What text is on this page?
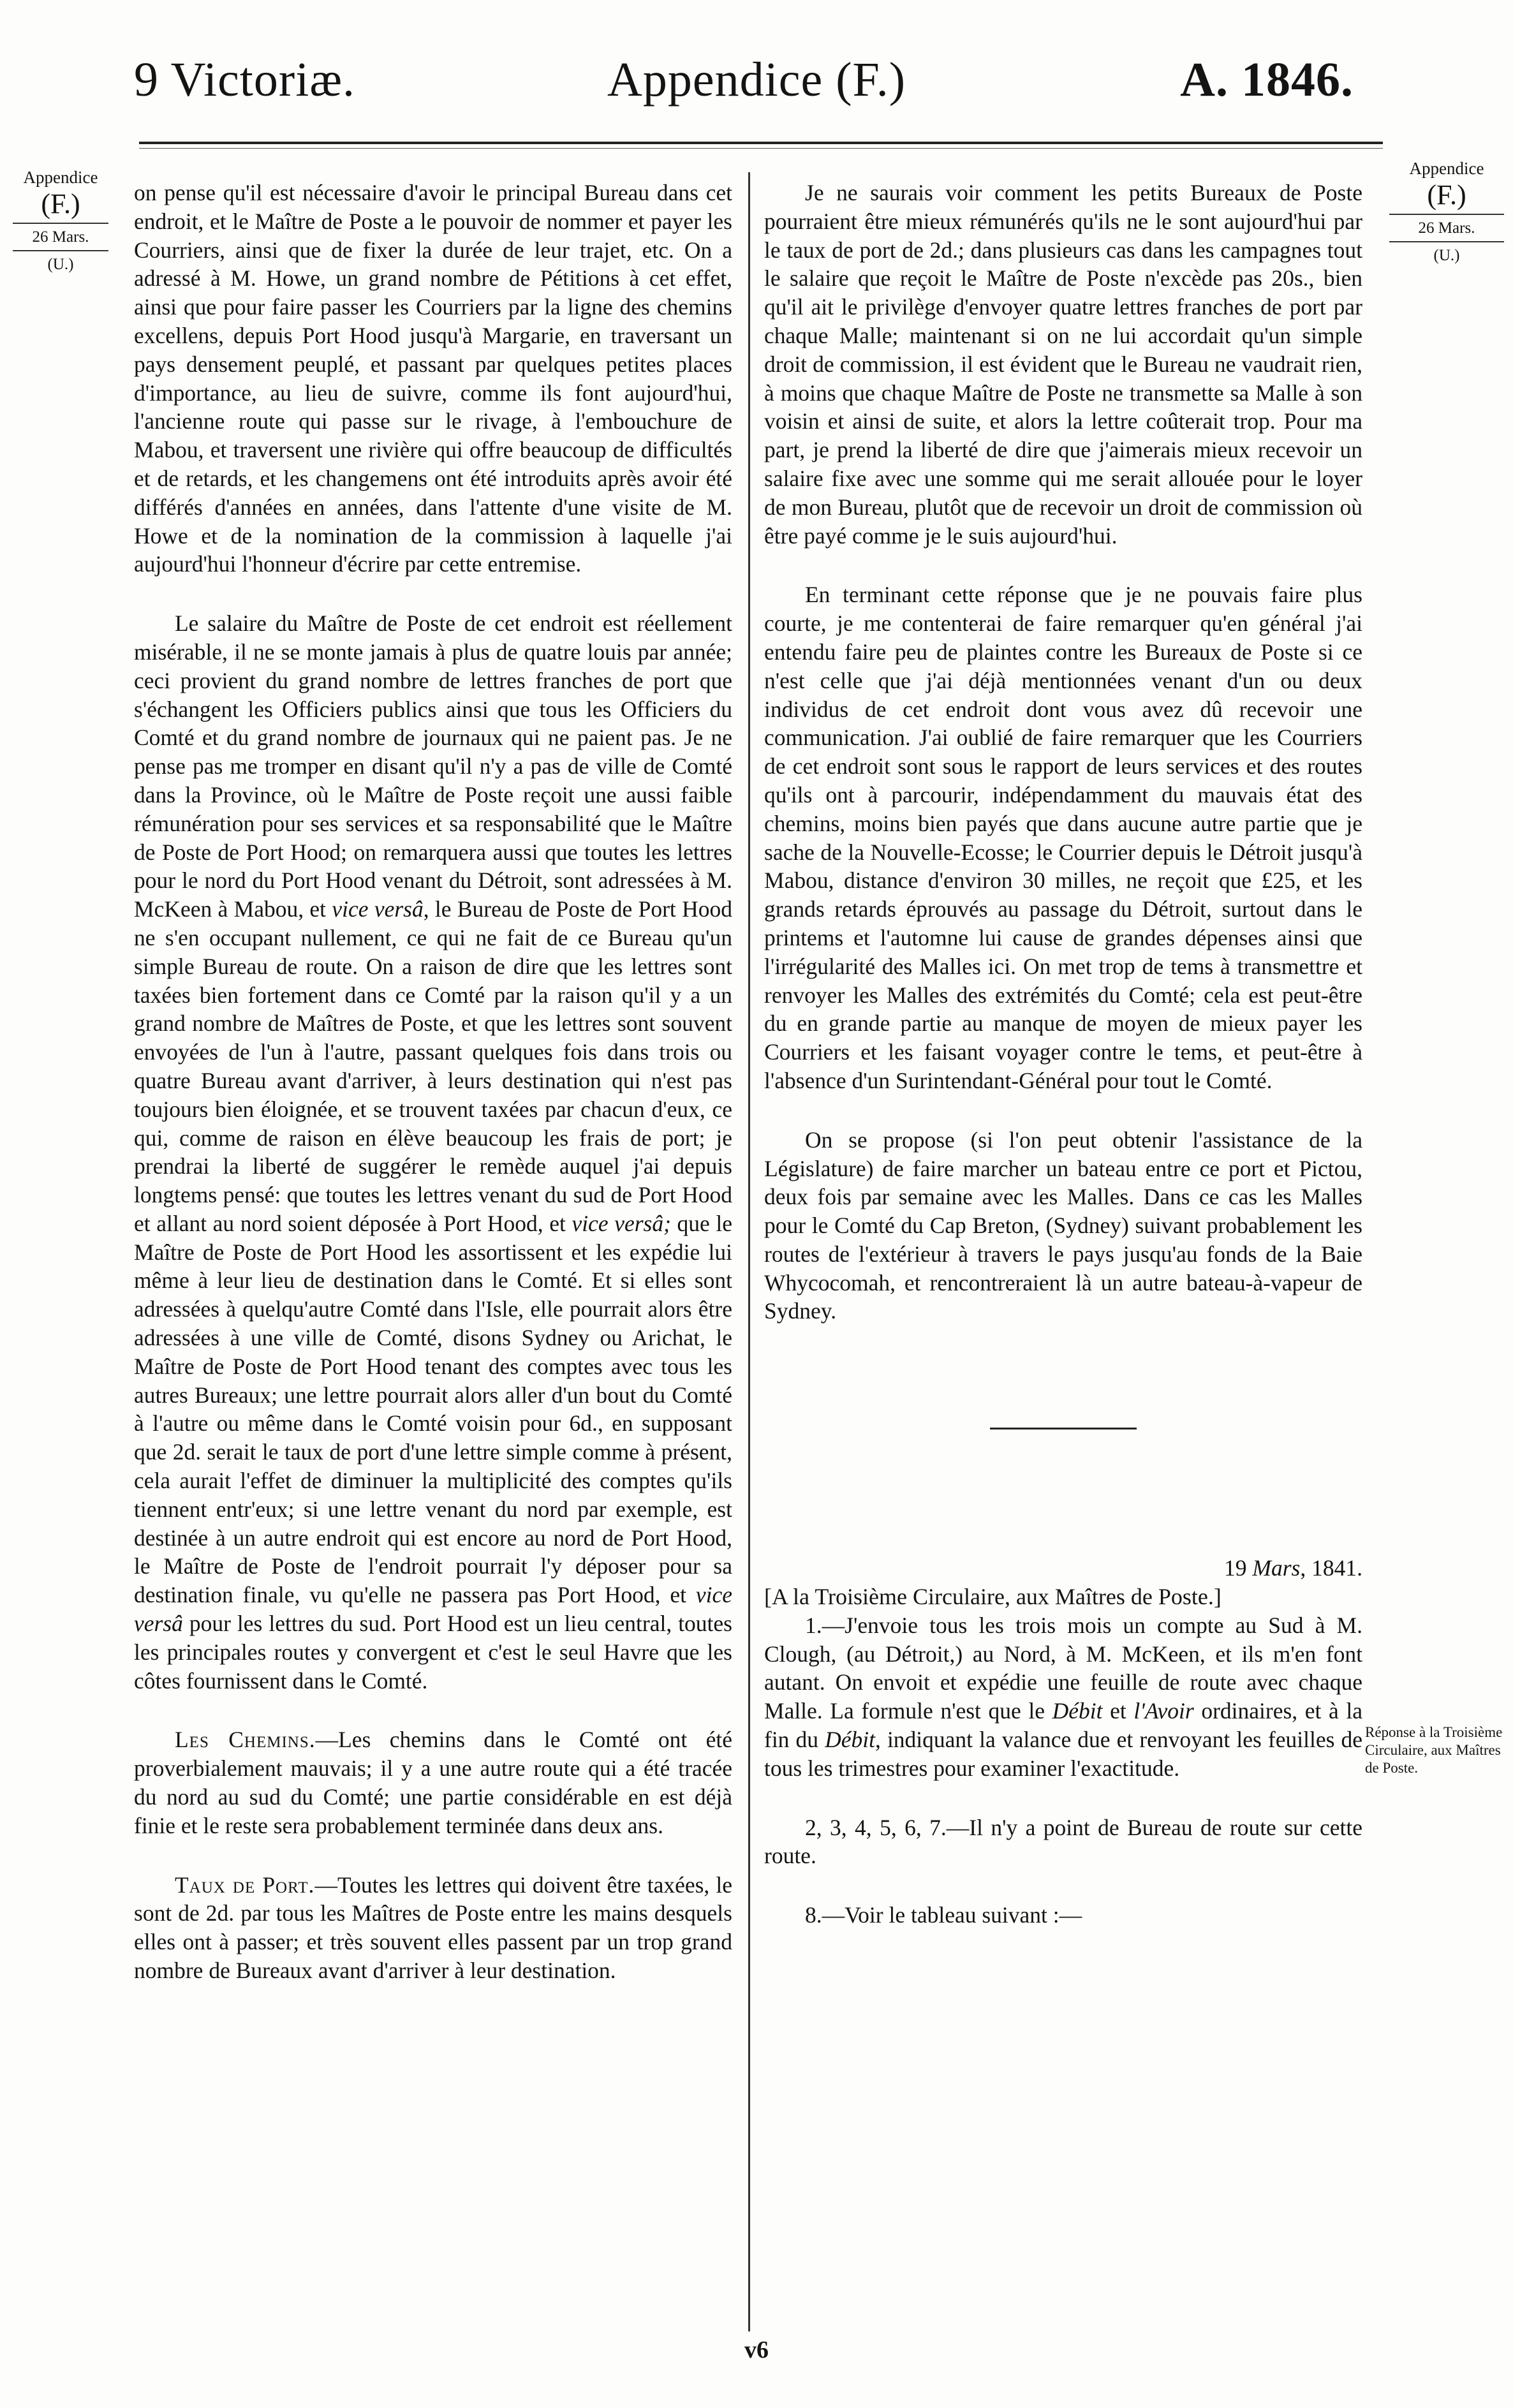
9 Victoriæ.	Appendice (F.)	A. 1846.
Appendice
(F.)
26 Mars.
(U.)
Appendice
(F.)
26 Mars.
(U.)

on pense qu'il est nécessaire d'avoir le principal Bureau dans cet endroit, et le Maître de Poste a le pouvoir de nommer et payer les Courriers, ainsi que de fixer la durée de leur trajet, etc. On a adressé à M. Howe, un grand nombre de Pétitions à cet effet, ainsi que pour faire passer les Courriers par la ligne des chemins excellens, depuis Port Hood jusqu'à Margarie, en traversant un pays densement peuplé, et passant par quelques petites places d'importance, au lieu de suivre, comme ils font aujourd'hui, l'ancienne route qui passe sur le rivage, à l'embouchure de Mabou, et traversent une rivière qui offre beaucoup de difficultés et de retards, et les changemens ont été introduits après avoir été différés d'années en années, dans l'attente d'une visite de M. Howe et de la nomination de la commission à laquelle j'ai aujourd'hui l'honneur d'écrire par cette entremise.

Le salaire du Maître de Poste de cet endroit est réellement misérable, il ne se monte jamais à plus de quatre louis par année; ceci provient du grand nombre de lettres franches de port que s'échangent les Officiers publics ainsi que tous les Officiers du Comté et du grand nombre de journaux qui ne paient pas. Je ne pense pas me tromper en disant qu'il n'y a pas de ville de Comté dans la Province, où le Maître de Poste reçoit une aussi faible rémunération pour ses services et sa responsabilité que le Maître de Poste de Port Hood; on remarquera aussi que toutes les lettres pour le nord du Port Hood venant du Détroit, sont adressées à M. McKeen à Mabou, et vice versâ, le Bureau de Poste de Port Hood ne s'en occupant nullement, ce qui ne fait de ce Bureau qu'un simple Bureau de route. On a raison de dire que les lettres sont taxées bien fortement dans ce Comté par la raison qu'il y a un grand nombre de Maîtres de Poste, et que les lettres sont souvent envoyées de l'un à l'autre, passant quelques fois dans trois ou quatre Bureau avant d'arriver, à leurs destination qui n'est pas toujours bien éloignée, et se trouvent taxées par chacun d'eux, ce qui, comme de raison en élève beaucoup les frais de port; je prendrai la liberté de suggérer le remède auquel j'ai depuis longtems pensé: que toutes les lettres venant du sud de Port Hood et allant au nord soient déposée à Port Hood, et vice versâ; que le Maître de Poste de Port Hood les assortissent et les expédie lui même à leur lieu de destination dans le Comté. Et si elles sont adressées à quelqu'autre Comté dans l'Isle, elle pourrait alors être adressées à une ville de Comté, disons Sydney ou Arichat, le Maître de Poste de Port Hood tenant des comptes avec tous les autres Bureaux; une lettre pourrait alors aller d'un bout du Comté à l'autre ou même dans le Comté voisin pour 6d., en supposant que 2d. serait le taux de port d'une lettre simple comme à présent, cela aurait l'effet de diminuer la multiplicité des comptes qu'ils tiennent entr'eux; si une lettre venant du nord par exemple, est destinée à un autre endroit qui est encore au nord de Port Hood, le Maître de Poste de l'endroit pourrait l'y déposer pour sa destination finale, vu qu'elle ne passera pas Port Hood, et vice versâ pour les lettres du sud. Port Hood est un lieu central, toutes les principales routes y convergent et c'est le seul Havre que les côtes fournissent dans le Comté.

Les Chemins.—Les chemins dans le Comté ont été proverbialement mauvais; il y a une autre route qui a été tracée du nord au sud du Comté; une partie considérable en est déjà finie et le reste sera probablement terminée dans deux ans.

Taux de Port.—Toutes les lettres qui doivent être taxées, le sont de 2d. par tous les Maîtres de Poste entre les mains desquels elles ont à passer; et très souvent elles passent par un trop grand nombre de Bureaux avant d'arriver à leur destination.

Je ne saurais voir comment les petits Bureaux de Poste pourraient être mieux rémunérés qu'ils ne le sont aujourd'hui par le taux de port de 2d.; dans plusieurs cas dans les campagnes tout le salaire que reçoit le Maître de Poste n'excède pas 20s., bien qu'il ait le privilège d'envoyer quatre lettres franches de port par chaque Malle; maintenant si on ne lui accordait qu'un simple droit de commission, il est évident que le Bureau ne vaudrait rien, à moins que chaque Maître de Poste ne transmette sa Malle à son voisin et ainsi de suite, et alors la lettre coûterait trop. Pour ma part, je prend la liberté de dire que j'aimerais mieux recevoir un salaire fixe avec une somme qui me serait allouée pour le loyer de mon Bureau, plutôt que de recevoir un droit de commission où être payé comme je le suis aujourd'hui.

En terminant cette réponse que je ne pouvais faire plus courte, je me contenterai de faire remarquer qu'en général j'ai entendu faire peu de plaintes contre les Bureaux de Poste si ce n'est celle que j'ai déjà mentionnées venant d'un ou deux individus de cet endroit dont vous avez dû recevoir une communication. J'ai oublié de faire remarquer que les Courriers de cet endroit sont sous le rapport de leurs services et des routes qu'ils ont à parcourir, indépendamment du mauvais état des chemins, moins bien payés que dans aucune autre partie que je sache de la Nouvelle-Ecosse; le Courrier depuis le Détroit jusqu'à Mabou, distance d'environ 30 milles, ne reçoit que £25, et les grands retards éprouvés au passage du Détroit, surtout dans le printems et l'automne lui cause de grandes dépenses ainsi que l'irrégularité des Malles ici. On met trop de tems à transmettre et renvoyer les Malles des extrémités du Comté; cela est peut-être du en grande partie au manque de moyen de mieux payer les Courriers et les faisant voyager contre le tems, et peut-être à l'absence d'un Surintendant-Général pour tout le Comté.

On se propose (si l'on peut obtenir l'assistance de la Législature) de faire marcher un bateau entre ce port et Pictou, deux fois par semaine avec les Malles. Dans ce cas les Malles pour le Comté du Cap Breton, (Sydney) suivant probablement les routes de l'extérieur à travers le pays jusqu'au fonds de la Baie Whycocomah, et rencontreraient là un autre bateau-à-vapeur de Sydney.

19 Mars, 1841.

[A la Troisième Circulaire, aux Maîtres de Poste.]

1.—J'envoie tous les trois mois un compte au Sud à M. Clough, (au Détroit,) au Nord, à M. McKeen, et ils m'en font autant. On envoit et expédie une feuille de route avec chaque Malle. La formule n'est que le Débit et l'Avoir ordinaires, et à la fin du Débit, indiquant la valance due et renvoyant les feuilles de tous les trimestres pour examiner l'exactitude.

2, 3, 4, 5, 6, 7.—Il n'y a point de Bureau de route sur cette route.

8.—Voir le tableau suivant :—

Réponse à la Troisième Circulaire, aux Maîtres de Poste.
v6
